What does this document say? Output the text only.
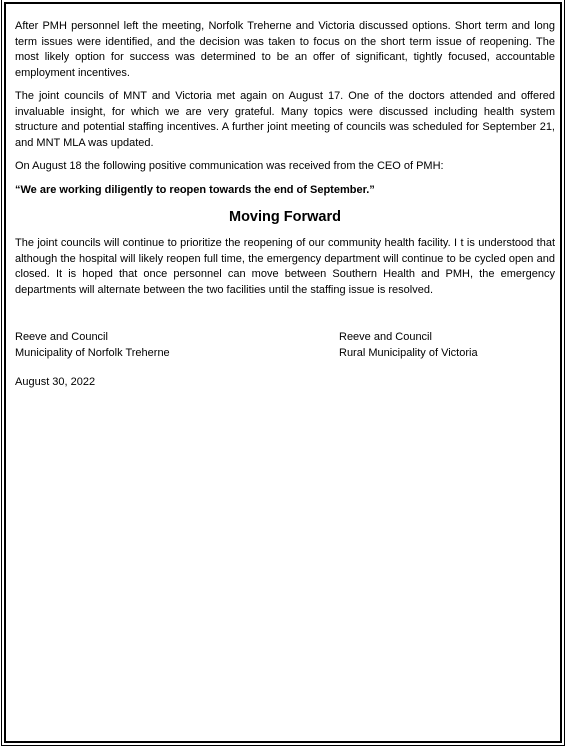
After PMH personnel left the meeting, Norfolk Treherne and Victoria discussed options. Short term and long term issues were identified, and the decision was taken to focus on the short term issue of reopening. The most likely option for success was determined to be an offer of significant, tightly focused, accountable employment incentives.

The joint councils of MNT and Victoria met again on August 17. One of the doctors attended and offered invaluable insight, for which we are very grateful. Many topics were discussed including health system structure and potential staffing incentives. A further joint meeting of councils was scheduled for September 21, and MNT MLA was updated.

On August 18 the following positive communication was received from the CEO of PMH:

“We are working diligently to reopen towards the end of September.”

Moving Forward

The joint councils will continue to prioritize the reopening of our community health facility. I t is understood that although the hospital will likely reopen full time, the emergency department will continue to be cycled open and closed. It is hoped that once personnel can move between Southern Health and PMH, the emergency departments will alternate between the two facilities until the staffing issue is resolved.

Reeve and Council
Municipality of Norfolk Treherne
Reeve and Council
Rural Municipality of Victoria
August 30, 2022
